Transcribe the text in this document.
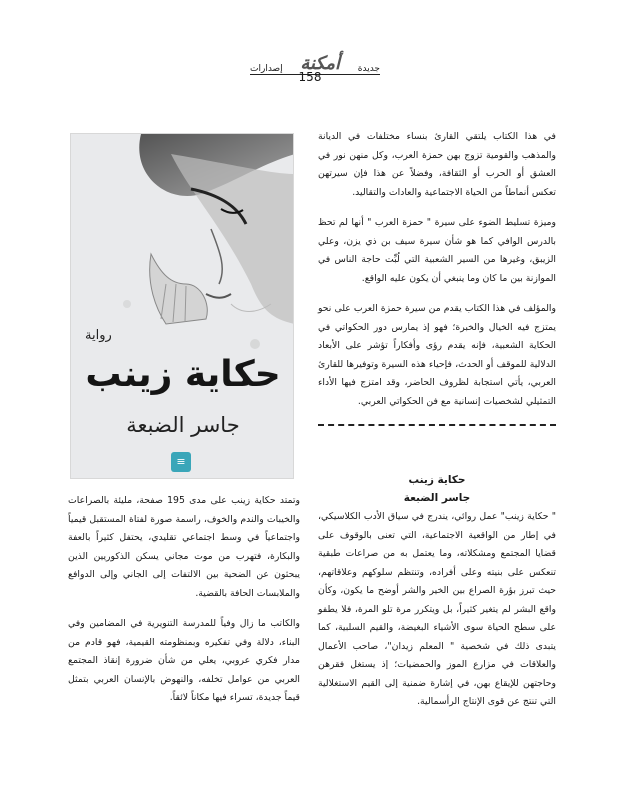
إصدارات أمكنة جديدة
158

في هذا الكتاب يلتقي القارئ بنساء مختلفات في الديانة والمذهب والقومية تزوج بهن حمزة العرب، وكل منهن نور في العشق أو الحرب أو الثقافة، وفضلاً عن هذا فإن سيرتهن تعكس أنماطاً من الحياة الاجتماعية والعادات والتقاليد.

وميزة تسليط الضوء على سيرة " حمزة العرب " أنها لم تحظ بالدرس الوافي كما هو شأن سيرة سيف بن ذي يزن، وعلي الزيبق، وغيرها من السير الشعبية التي لُبِّت حاجة الناس في الموازنة بين ما كان وما ينبغي أن يكون عليه الواقع.

والمؤلف في هذا الكتاب يقدم من سيرة حمزة العرب على نحو يمتزج فيه الخيال والخبرة؛ فهو إذ يمارس دور الحكواتي في الحكاية الشعبية، فإنه يقدم رؤى وأفكاراً تؤشر على الأبعاد الدلالية للموقف أو الحدث، فإحياء هذه السيرة وتوفيرها للقارئ العربي، يأتي استجابة لظروف الحاضر، وقد امتزج فيها الأداء التمثيلي لشخصيات إنسانية مع فن الحكواتي العربي.

حكاية زينب
جاسر الضبعة

" حكاية زينب" عمل روائي، يندرج في سياق الأدب الكلاسيكي، في إطار من الواقعية الاجتماعية، التي تعنى بالوقوف على قضايا المجتمع ومشكلاته، وما يعتمل به من صراعات طبقية تنعكس على بنيته وعلى أفراده، وتنتظم سلوكهم وعلاقاتهم، حيث تبرز بؤرة الصراع بين الخير والشر أوضح ما يكون، وكأن واقع البشر لم يتغير كثيراً، بل ويتكرر مرة تلو المرة، فلا يطفو على سطح الحياة سوى الأشياء البغيضة، والقيم السلبية، كما يتبدى ذلك في شخصية " المعلم زيدان"، صاحب الأعمال والعلاقات في مزارع الموز والحمضيات؛ إذ يستغل فقرهن وحاجتهن للإيقاع بهن، في إشارة ضمنية إلى القيم الاستغلالية التي تنتج عن قوى الإنتاج الرأسمالية.

رواية
حكاية زينب
جاسر الضبعة
≡

وتمتد حكاية زينب على مدى 195 صفحة، مليئة بالصراعات والخيبات والندم والخوف، راسمة صورة لفتاة المستقبل قيمياً واجتماعياً في وسط اجتماعي تقليدي، يحتفل كثيراً بالعفة والبكارة، فتهرب من موت مجاني يسكن الذكوريين الذين يبحثون عن الضحية بين الالتفات إلى الجاني وإلى الدوافع والملابسات الحافة بالقضية.

والكاتب ما زال وفياً للمدرسة التنويرية في المضامين وفي البناء، دلالة وفي تفكيره وبمنظومته القيمية، فهو قادم من مدار فكري عروبي، يعلي من شأن ضرورة إنقاذ المجتمع العربي من عوامل تخلفه، والنهوض بالإنسان العربي بتمثل قيماً جديدة، تسراء فيها مكاناً لائقاً.
